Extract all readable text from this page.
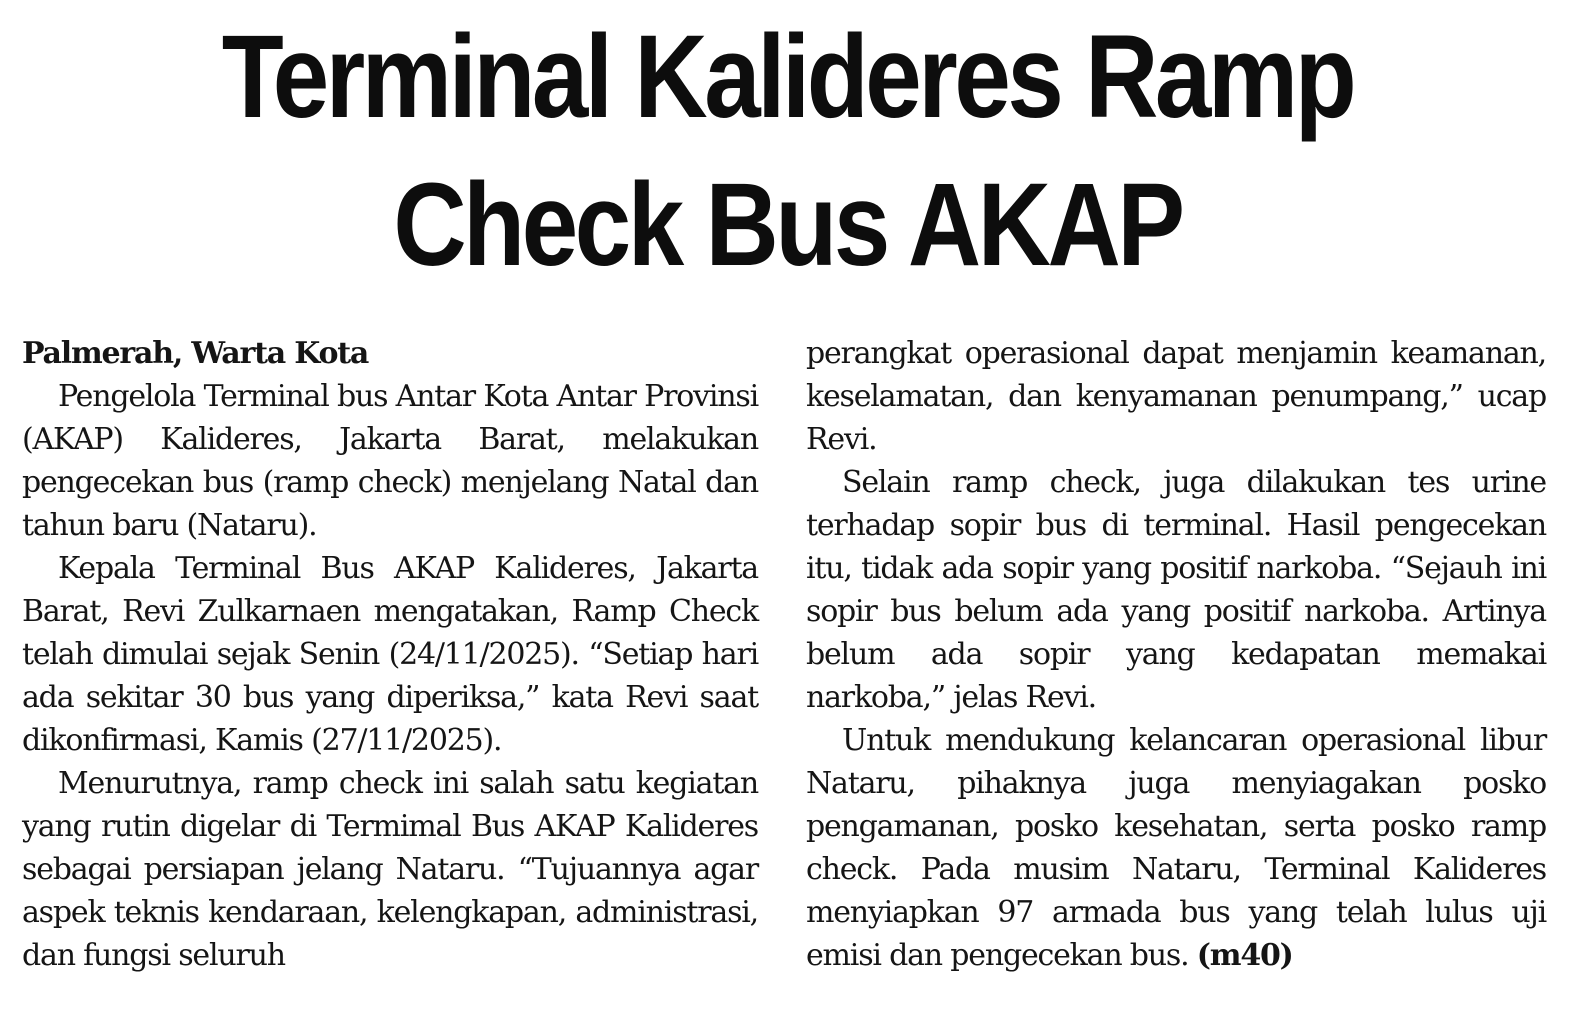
Terminal Kalideres Ramp
Check Bus AKAP

Palmerah, Warta Kota

Pengelola Terminal bus Antar Kota Antar Provinsi (AKAP) Kalideres, Jakarta Barat, melakukan pengecekan bus (ramp check) menjelang Natal dan tahun baru (Nataru).

Kepala Terminal Bus AKAP Kalideres, Jakarta Barat, Revi Zulkarnaen mengatakan, Ramp Check telah dimulai sejak Senin (24/11/2025). “Setiap hari ada sekitar 30 bus yang diperiksa,” kata Revi saat dikonfirmasi, Kamis (27/11/2025).

Menurutnya, ramp check ini salah satu kegiatan yang rutin digelar di Termimal Bus AKAP Kalideres sebagai persiapan jelang Nataru. “Tujuannya agar aspek teknis kendaraan, kelengkapan, administrasi, dan fungsi seluruh

perangkat operasional dapat menjamin keamanan, keselamatan, dan kenyamanan penumpang,” ucap Revi.

Selain ramp check, juga dilakukan tes urine terhadap sopir bus di terminal. Hasil pengecekan itu, tidak ada sopir yang positif narkoba. “Sejauh ini sopir bus belum ada yang positif narkoba. Artinya belum ada sopir yang kedapatan memakai narkoba,” jelas Revi.

Untuk mendukung kelancaran operasional libur Nataru, pihaknya juga menyiagakan posko pengamanan, posko kesehatan, serta posko ramp check. Pada musim Nataru, Terminal Kalideres menyiapkan 97 armada bus yang telah lulus uji emisi dan pengecekan bus. (m40)
